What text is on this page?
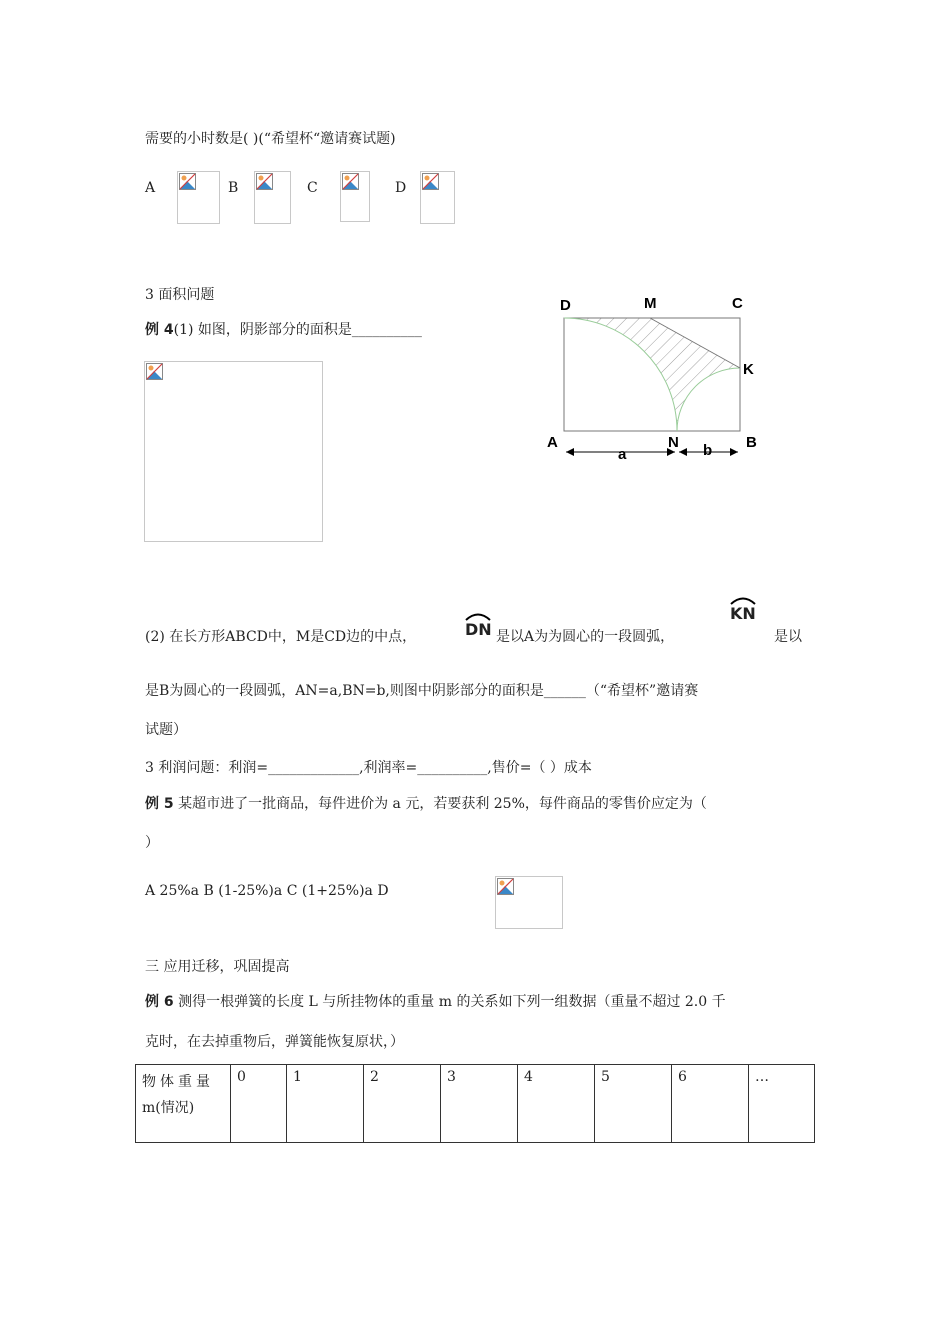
需要的小时数是( )(“希望杯“邀请赛试题)
A	B	C	D
3 面积问题
例 4(1) 如图，阴影部分的面积是__________
D	M	C
K
A	N	B
a	b
(2) 在长方形ABCD中，M是CD边的中点，	DN 是以A为为圆心的一段圆弧，
KN
是以
是B为圆心的一段圆弧，AN=a,BN=b,则图中阴影部分的面积是______（“希望杯”邀请赛
试题）
3 利润问题：利润=_____________,利润率=__________,售价=（ ）成本
例 5 某超市进了一批商品，每件进价为 a 元，若要获利 25%，每件商品的零售价应定为（
）
A 25%a B (1-25%)a C (1+25%)a D
三 应用迁移，巩固提高
例 6 测得一根弹簧的长度 L 与所挂物体的重量 m 的关系如下列一组数据（重量不超过 2.0 千
克时，在去掉重物后，弹簧能恢复原状，）
物体重量
m(情况)
	0	1	2	3	4	5	6	…
